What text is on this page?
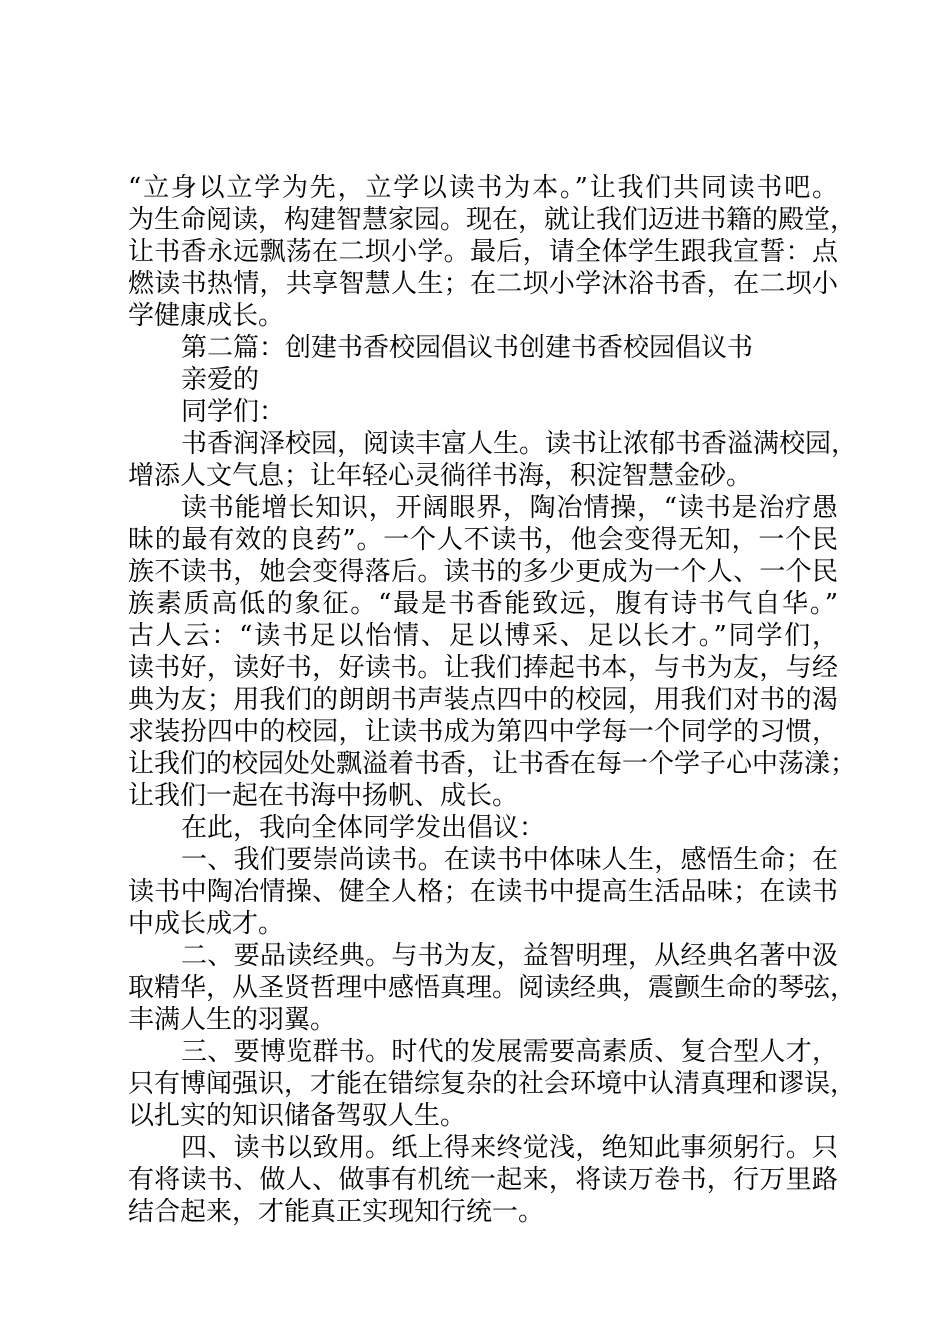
“立身以立学为先，立学以读书为本。”让我们共同读书吧。
为生命阅读，构建智慧家园。现在，就让我们迈进书籍的殿堂，
让书香永远飘荡在二坝小学。最后，请全体学生跟我宣誓：点
燃读书热情，共享智慧人生；在二坝小学沐浴书香，在二坝小
学健康成长。
第二篇：创建书香校园倡议书创建书香校园倡议书
亲爱的
同学们：
书香润泽校园，阅读丰富人生。读书让浓郁书香溢满校园，
增添人文气息；让年轻心灵徜徉书海，积淀智慧金砂。
读书能增长知识，开阔眼界，陶冶情操，“读书是治疗愚
昧的最有效的良药”。一个人不读书，他会变得无知，一个民
族不读书，她会变得落后。读书的多少更成为一个人、一个民
族素质高低的象征。“最是书香能致远，腹有诗书气自华。”
古人云：“读书足以怡情、足以博采、足以长才。”同学们，
读书好，读好书，好读书。让我们捧起书本，与书为友，与经
典为友；用我们的朗朗书声装点四中的校园，用我们对书的渴
求装扮四中的校园，让读书成为第四中学每一个同学的习惯，
让我们的校园处处飘溢着书香，让书香在每一个学子心中荡漾；
让我们一起在书海中扬帆、成长。
在此，我向全体同学发出倡议：
一、我们要崇尚读书。在读书中体味人生，感悟生命；在
读书中陶冶情操、健全人格；在读书中提高生活品味；在读书
中成长成才。
二、要品读经典。与书为友，益智明理，从经典名著中汲
取精华，从圣贤哲理中感悟真理。阅读经典，震颤生命的琴弦，
丰满人生的羽翼。
三、要博览群书。时代的发展需要高素质、复合型人才，
只有博闻强识，才能在错综复杂的社会环境中认清真理和谬误，
以扎实的知识储备驾驭人生。
四、读书以致用。纸上得来终觉浅，绝知此事须躬行。只
有将读书、做人、做事有机统一起来，将读万卷书，行万里路
结合起来，才能真正实现知行统一。
